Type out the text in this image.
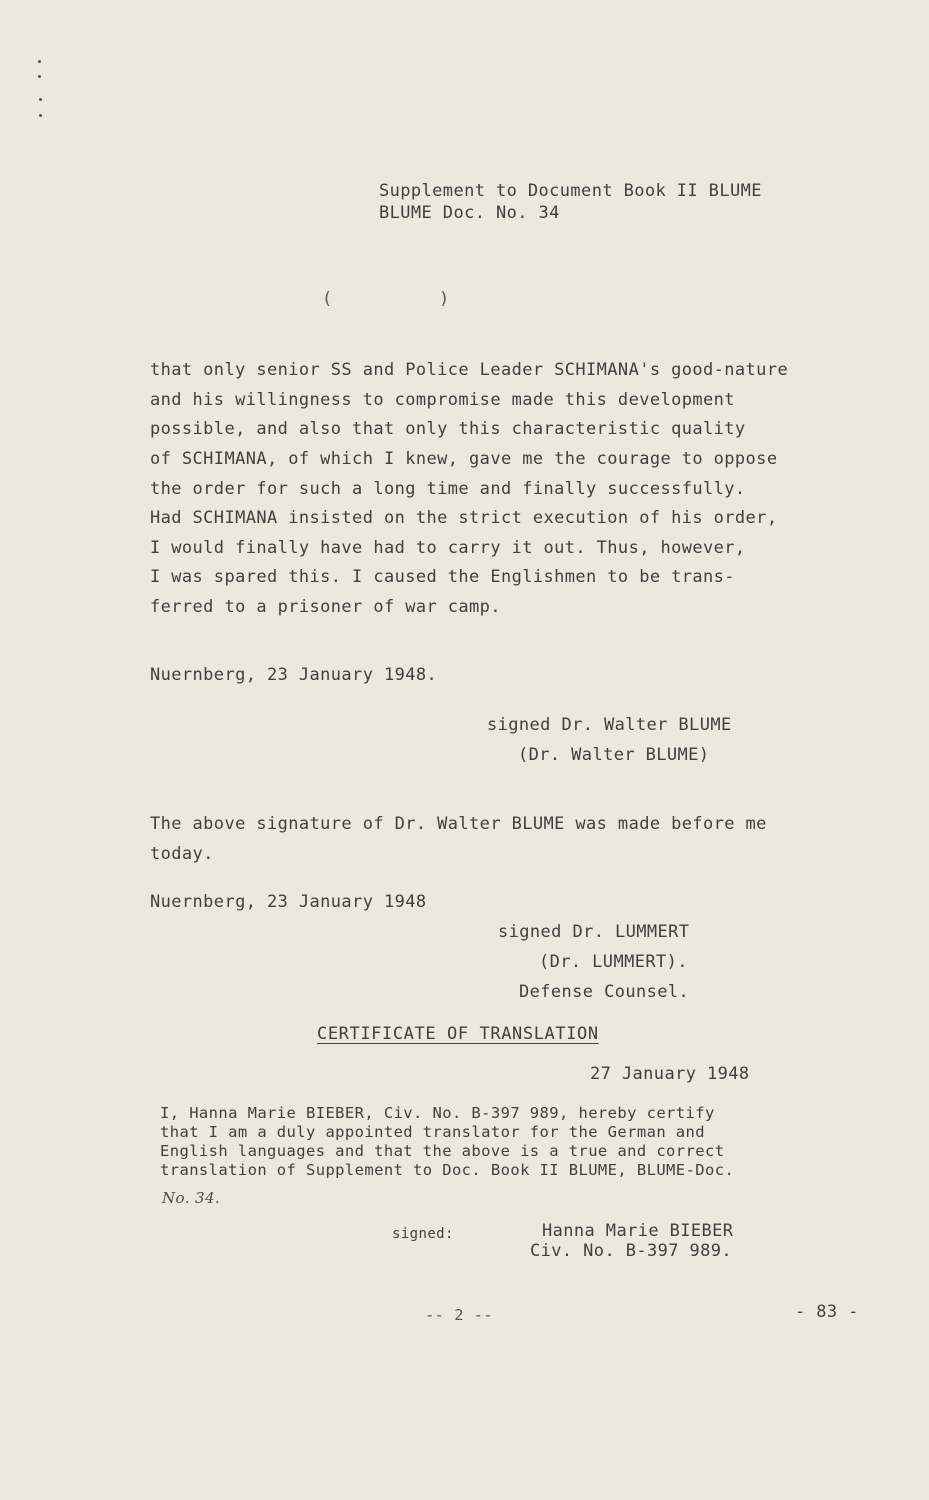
Supplement to Document Book II BLUME
BLUME Doc. No. 34
(          )
that only senior SS and Police Leader SCHIMANA's good-nature
and his willingness to compromise made this development
possible, and also that only this characteristic quality
of SCHIMANA, of which I knew, gave me the courage to oppose
the order for such a long time and finally successfully.
Had SCHIMANA insisted on the strict execution of his order,
I would finally have had to carry it out. Thus, however,
I was spared this. I caused the Englishmen to be trans-
ferred to a prisoner of war camp.
Nuernberg, 23 January 1948.
signed Dr. Walter BLUME
(Dr. Walter BLUME)
The above signature of Dr. Walter BLUME was made before me
today.
Nuernberg, 23 January 1948
signed Dr. LUMMERT
(Dr. LUMMERT).
Defense Counsel.
CERTIFICATE OF TRANSLATION
27 January 1948
I, Hanna Marie BIEBER, Civ. No. B-397 989, hereby certify
that I am a duly appointed translator for the German and
English languages and that the above is a true and correct
translation of Supplement to Doc. Book II BLUME, BLUME-Doc.
No. 34.
signed:	Hanna Marie BIEBER
Civ. No. B-397 989.
-- 2 --	- 83 -
